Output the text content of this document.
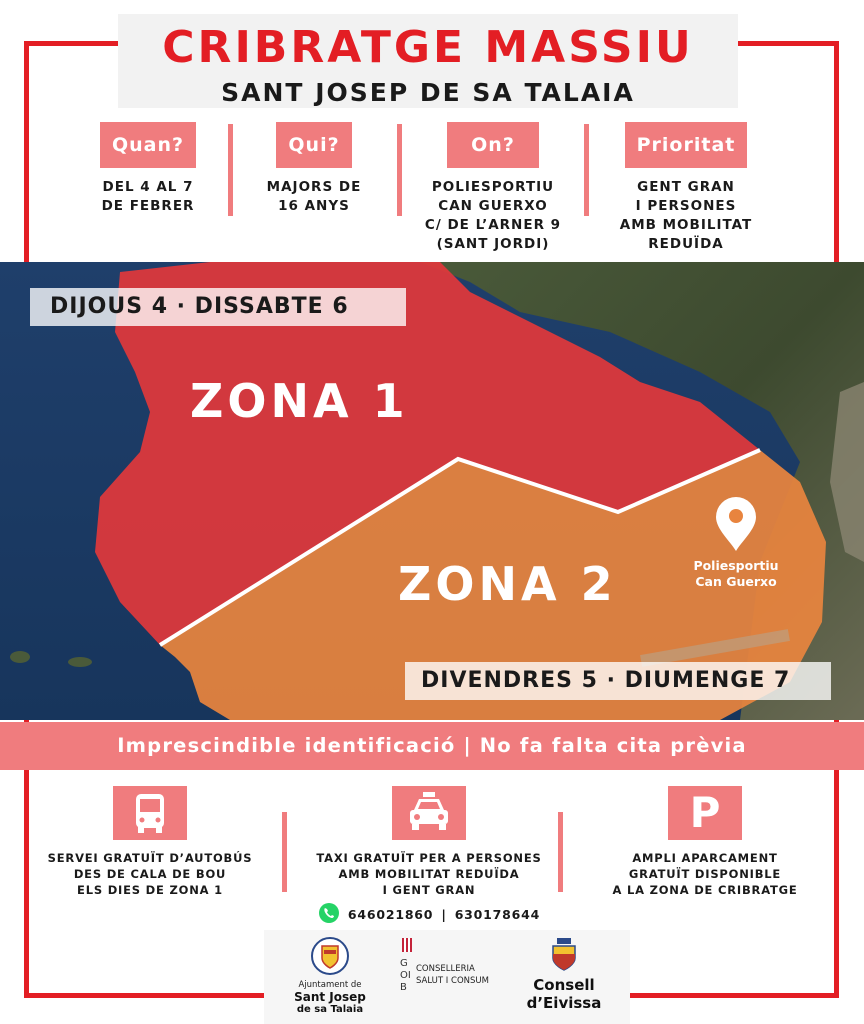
CRIBRATGE MASSIU
SANT JOSEP DE SA TALAIA
Quan?
DEL 4 AL 7
DE FEBRER
Qui?
MAJORS DE
16 ANYS
On?
POLIESPORTIU
CAN GUERXO
C/ DE L’ARNER 9
(SANT JORDI)
Prioritat
GENT GRAN
I PERSONES
AMB MOBILITAT
REDUÏDA
DIJOUS 4 · DISSABTE 6
ZONA 1
ZONA 2	Poliesportiu
Can Guerxo
DIVENDRES 5 · DIUMENGE 7
Imprescindible identificació | No fa falta cita prèvia
SERVEI GRATUÏT D’AUTOBÚS
DES DE CALA DE BOU
ELS DIES DE ZONA 1
TAXI GRATUÏT PER A PERSONES
AMB MOBILITAT REDUÏDA
I GENT GRAN
646021860 | 630178644
P
AMPLI APARCAMENT
GRATUÏT DISPONIBLE
A LA ZONA DE CRIBRATGE
Ajuntament de
Sant Josep
de sa Talaia
GOIB
CONSELLERIA
SALUT I CONSUM	Consell
d’Eivissa
